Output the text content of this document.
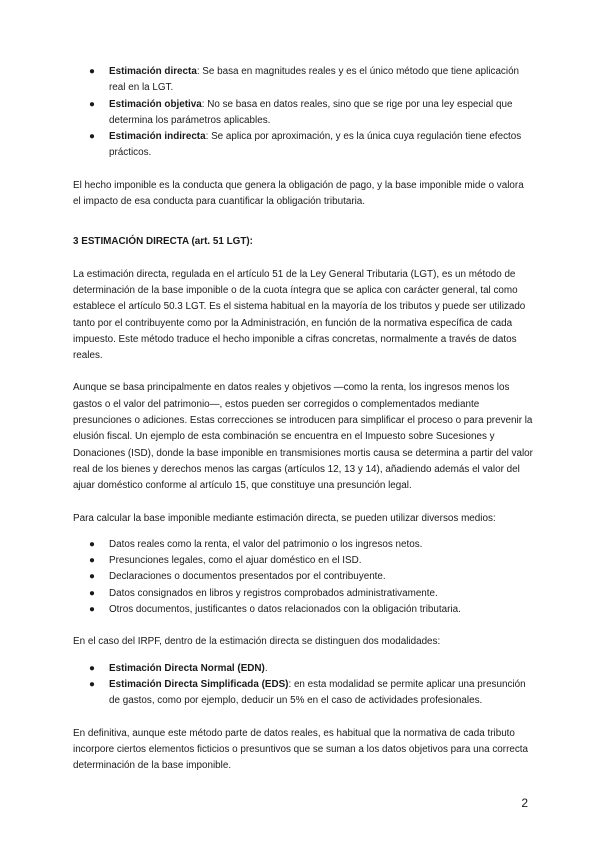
● Estimación directa: Se basa en magnitudes reales y es el único método que tiene aplicación real en la LGT.
● Estimación objetiva: No se basa en datos reales, sino que se rige por una ley especial que determina los parámetros aplicables.
● Estimación indirecta: Se aplica por aproximación, y es la única cuya regulación tiene efectos prácticos.

El hecho imponible es la conducta que genera la obligación de pago, y la base imponible mide o valora el impacto de esa conducta para cuantificar la obligación tributaria.

3 ESTIMACIÓN DIRECTA (art. 51 LGT):

La estimación directa, regulada en el artículo 51 de la Ley General Tributaria (LGT), es un método de determinación de la base imponible o de la cuota íntegra que se aplica con carácter general, tal como establece el artículo 50.3 LGT. Es el sistema habitual en la mayoría de los tributos y puede ser utilizado tanto por el contribuyente como por la Administración, en función de la normativa específica de cada impuesto. Este método traduce el hecho imponible a cifras concretas, normalmente a través de datos reales.

Aunque se basa principalmente en datos reales y objetivos —como la renta, los ingresos menos los gastos o el valor del patrimonio—, estos pueden ser corregidos o complementados mediante presunciones o adiciones. Estas correcciones se introducen para simplificar el proceso o para prevenir la elusión fiscal. Un ejemplo de esta combinación se encuentra en el Impuesto sobre Sucesiones y Donaciones (ISD), donde la base imponible en transmisiones mortis causa se determina a partir del valor real de los bienes y derechos menos las cargas (artículos 12, 13 y 14), añadiendo además el valor del ajuar doméstico conforme al artículo 15, que constituye una presunción legal.

Para calcular la base imponible mediante estimación directa, se pueden utilizar diversos medios:

● Datos reales como la renta, el valor del patrimonio o los ingresos netos.
● Presunciones legales, como el ajuar doméstico en el ISD.
● Declaraciones o documentos presentados por el contribuyente.
● Datos consignados en libros y registros comprobados administrativamente.
● Otros documentos, justificantes o datos relacionados con la obligación tributaria.

En el caso del IRPF, dentro de la estimación directa se distinguen dos modalidades:

● Estimación Directa Normal (EDN).
● Estimación Directa Simplificada (EDS): en esta modalidad se permite aplicar una presunción de gastos, como por ejemplo, deducir un 5% en el caso de actividades profesionales.

En definitiva, aunque este método parte de datos reales, es habitual que la normativa de cada tributo incorpore ciertos elementos ficticios o presuntivos que se suman a los datos objetivos para una correcta determinación de la base imponible.

2
